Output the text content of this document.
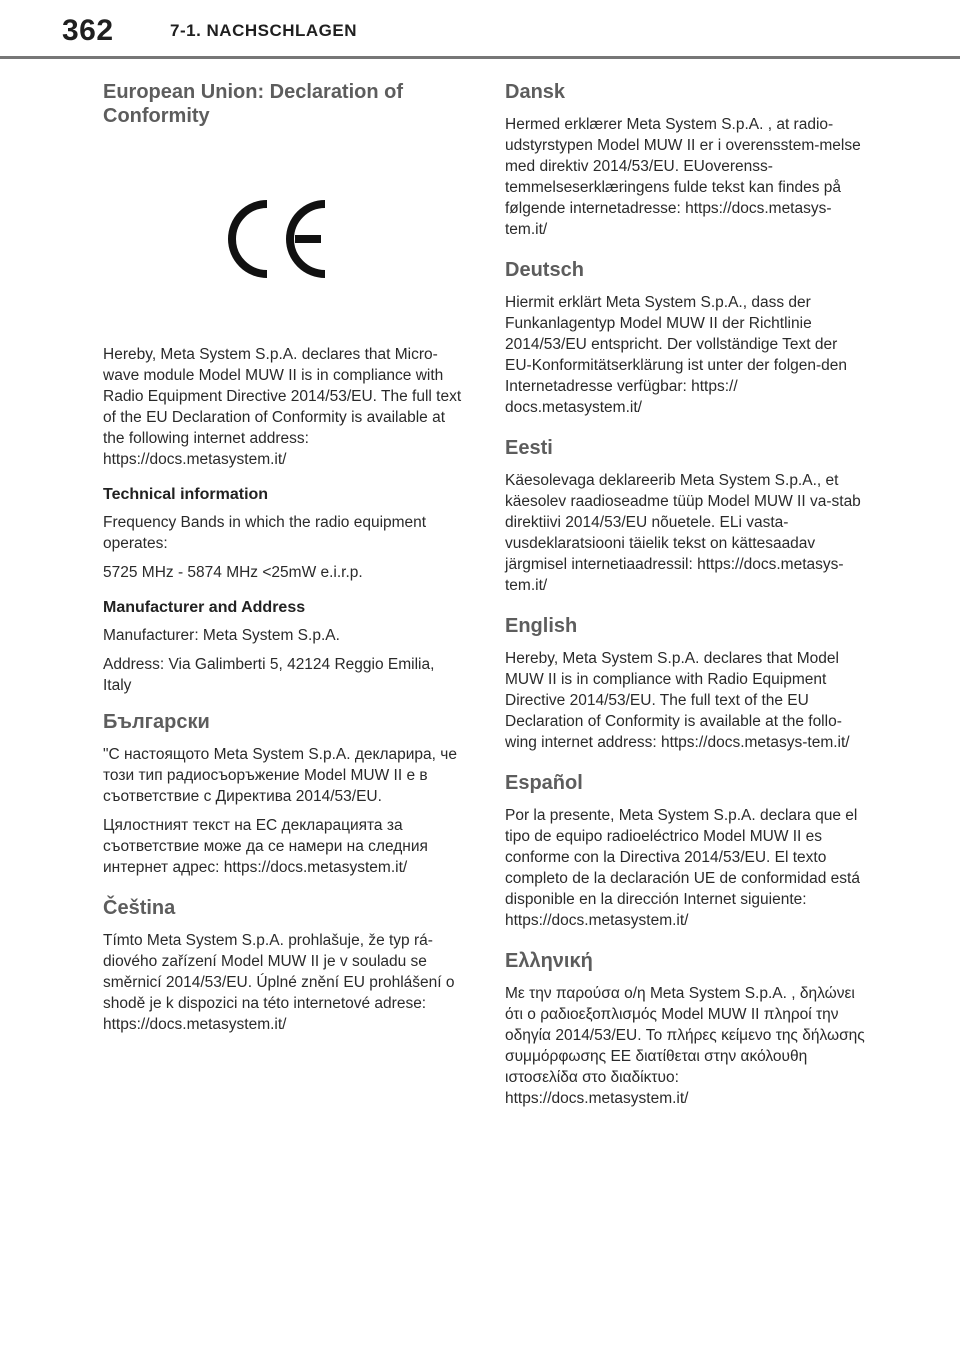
362	7-1. NACHSCHLAGEN
European Union: Declaration of Conformity

Hereby, Meta System S.p.A. declares that Micro-wave module Model MUW II is in compliance with Radio Equipment Directive 2014/53/EU. The full text of the EU Declaration of Conformity is available at the following internet address: https://docs.metasystem.it/

Technical information

Frequency Bands in which the radio equipment operates:

5725 MHz - 5874 MHz <25mW e.i.r.p.

Manufacturer and Address

Manufacturer: Meta System S.p.A.

Address: Via Galimberti 5, 42124 Reggio Emilia, Italy

Български

"С настоящото Meta System S.p.A. декларира, че този тип радиосъоръжение Model MUW II е в съответствие с Директива 2014/53/EU.

Цялостният текст на ЕС декларацията за съответствие може да се намери на следния интернет адрес: https://docs.metasystem.it/

Čeština

Tímto Meta System S.p.A. prohlašuje, že typ rá-diového zařízení Model MUW II je v souladu se směrnicí 2014/53/EU. Úplné znění EU prohlášení o shodě je k dispozici na této internetové adrese: https://docs.metasystem.it/

Dansk

Hermed erklærer Meta System S.p.A. , at radio-udstyrstypen Model MUW II er i overensstem-melse med direktiv 2014/53/EU. EUoverenss-temmelseserklæringens fulde tekst kan findes på følgende internetadresse: https://docs.metasys-tem.it/

Deutsch

Hiermit erklärt Meta System S.p.A., dass der Funkanlagentyp Model MUW II der Richtlinie 2014/53/EU entspricht. Der vollständige Text der EU-Konformitätserklärung ist unter der folgen-den Internetadresse verfügbar: https:// docs.metasystem.it/

Eesti

Käesolevaga deklareerib Meta System S.p.A., et käesolev raadioseadme tüüp Model MUW II va-stab direktiivi 2014/53/EU nõuetele. ELi vasta-vusdeklaratsiooni täielik tekst on kättesaadav järgmisel internetiaadressil: https://docs.metasys-tem.it/

English

Hereby, Meta System S.p.A. declares that Model MUW II is in compliance with Radio Equipment Directive 2014/53/EU. The full text of the EU Declaration of Conformity is available at the follo-wing internet address: https://docs.metasys-tem.it/

Español

Por la presente, Meta System S.p.A. declara que el tipo de equipo radioeléctrico Model MUW II es conforme con la Directiva 2014/53/EU. El texto completo de la declaración UE de conformidad está disponible en la dirección Internet siguiente: https://docs.metasystem.it/

Ελληνική

Με την παρούσα ο/η Meta System S.p.A. , δηλώνει ότι ο ραδιοεξοπλισμός Model MUW II πληροί την οδηγία 2014/53/EU. Το πλήρες κείμενο της δήλωσης συμμόρφωσης ΕΕ διατίθεται στην ακόλουθη ιστοσελίδα στο διαδίκτυο: https://docs.metasystem.it/
